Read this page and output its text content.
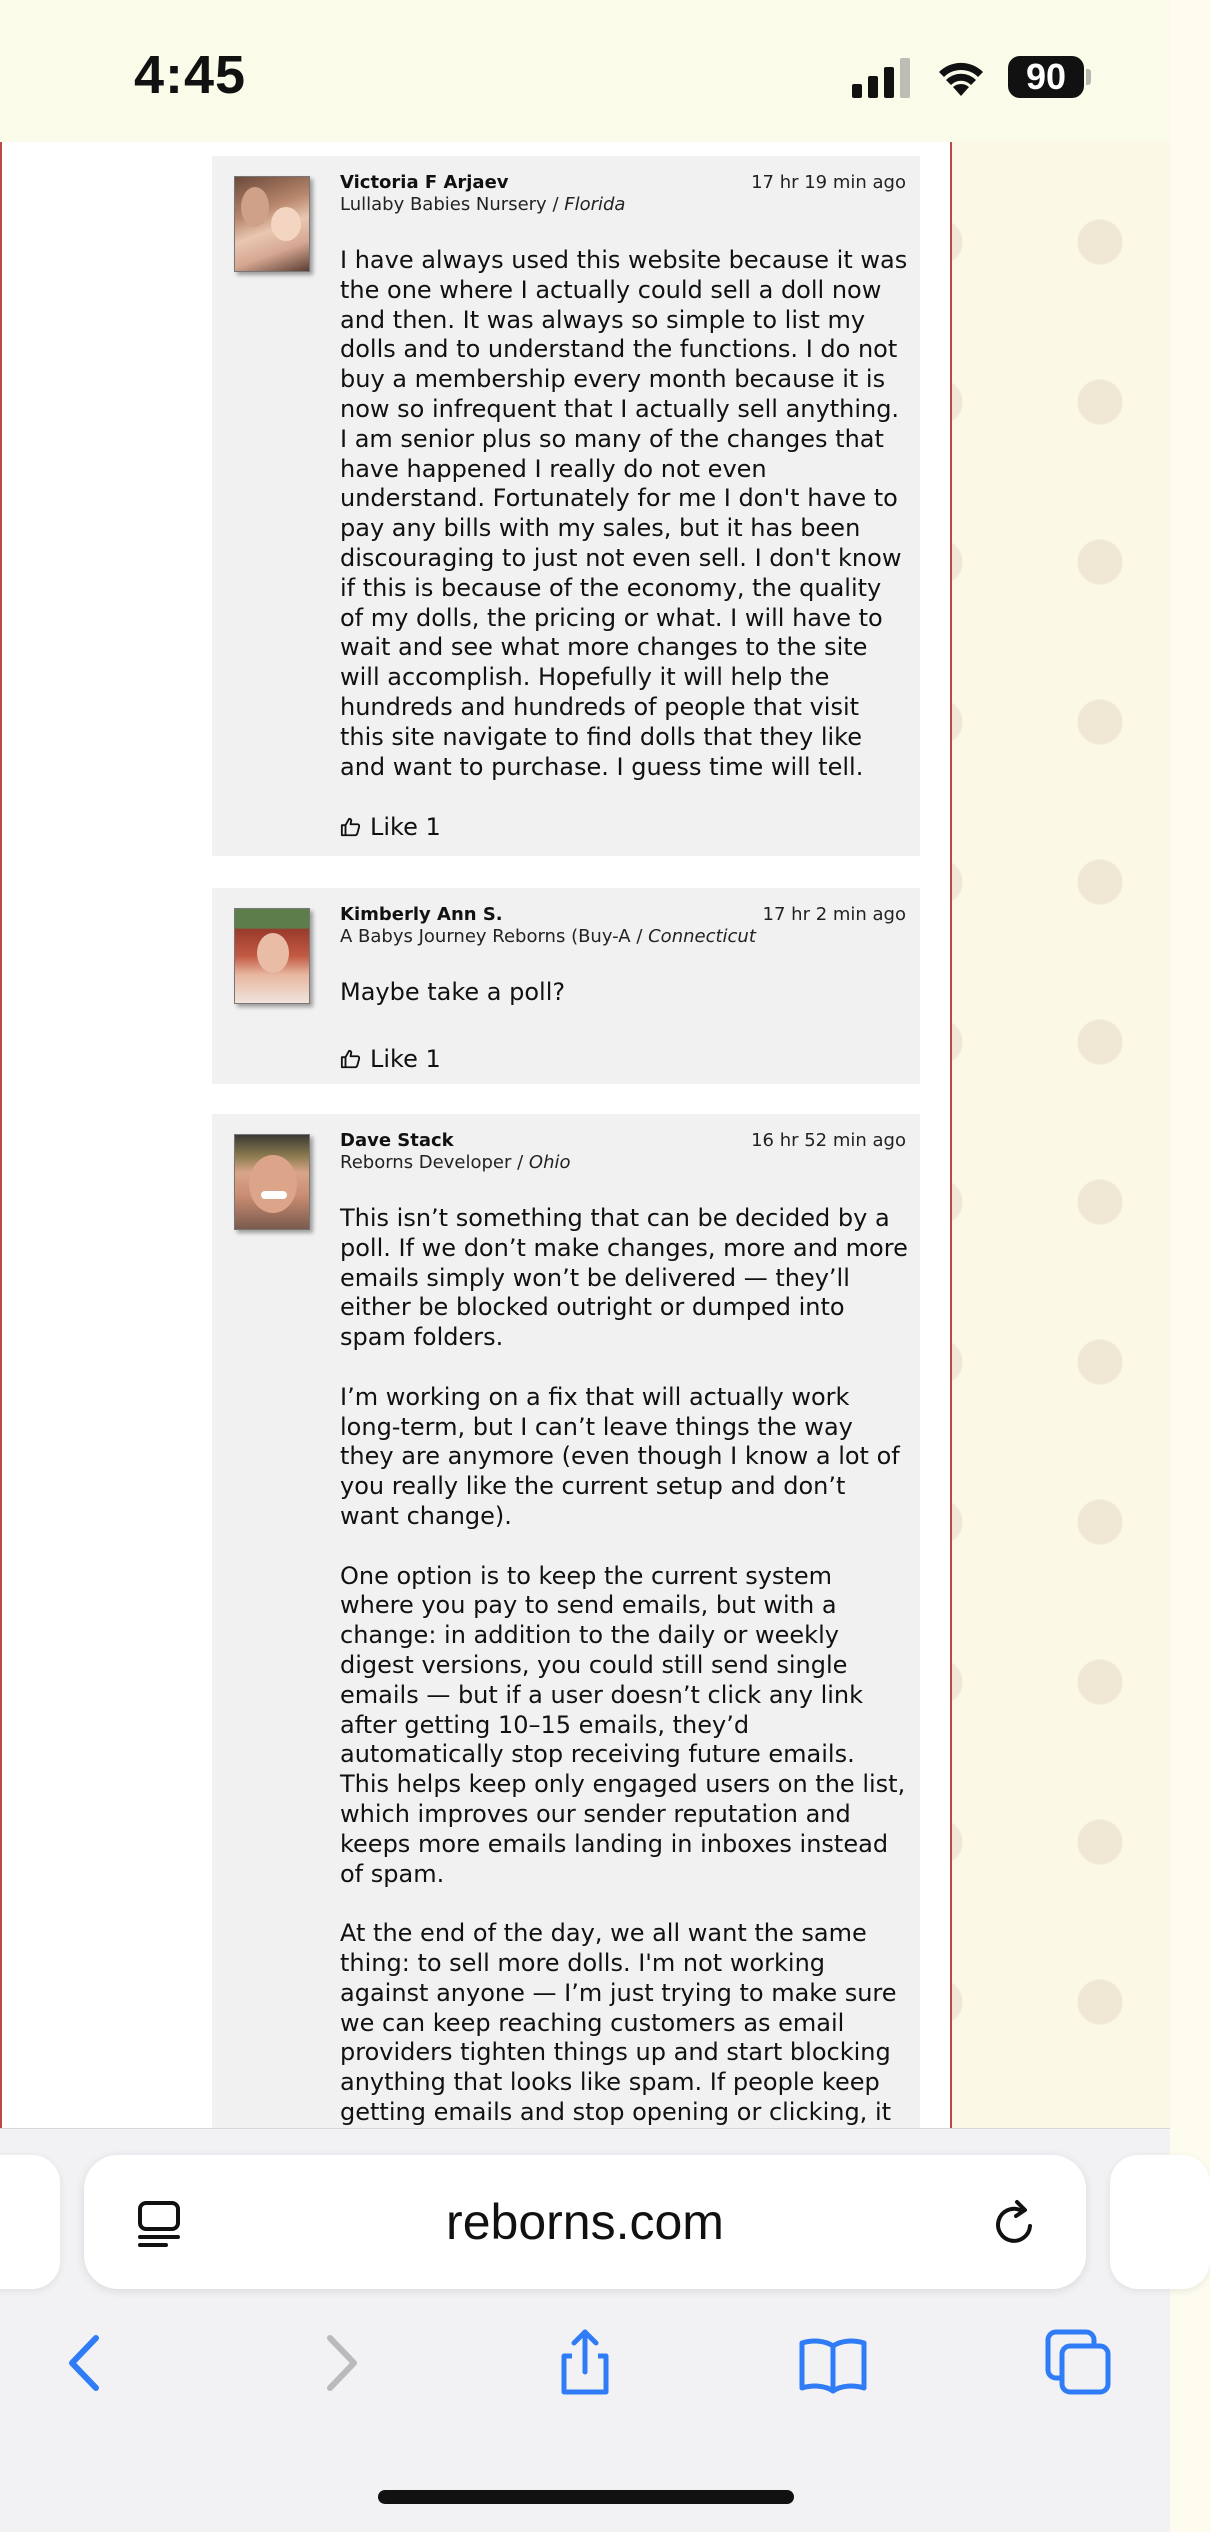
4:45	90
Victoria F Arjaev
Lullaby Babies Nursery / Florida
17 hr 19 min ago
I have always used this website because it was the one where I actually could sell a doll now and then. It was always so simple to list my dolls and to understand the functions. I do not buy a membership every month because it is now so infrequent that I actually sell anything. I am senior plus so many of the changes that have happened I really do not even understand. Fortunately for me I don't have to pay any bills with my sales, but it has been discouraging to just not even sell. I don't know if this is because of the economy, the quality of my dolls, the pricing or what. I will have to wait and see what more changes to the site will accomplish. Hopefully it will help the hundreds and hundreds of people that visit this site navigate to find dolls that they like and want to purchase. I guess time will tell.
Like 1
Kimberly Ann S.
A Babys Journey Reborns (Buy-A / Connecticut
17 hr 2 min ago
Maybe take a poll?
Like 1
Dave Stack
Reborns Developer / Ohio
16 hr 52 min ago
This isn’t something that can be decided by a poll. If we don’t make changes, more and more emails simply won’t be delivered — they’ll either be blocked outright or dumped into spam folders.

I’m working on a fix that will actually work long-term, but I can’t leave things the way they are anymore (even though I know a lot of you really like the current setup and don’t want change).

One option is to keep the current system where you pay to send emails, but with a change: in addition to the daily or weekly digest versions, you could still send single emails — but if a user doesn’t click any link after getting 10–15 emails, they’d automatically stop receiving future emails. This helps keep only engaged users on the list, which improves our sender reputation and keeps more emails landing in inboxes instead of spam.

At the end of the day, we all want the same thing: to sell more dolls. I'm not working against anyone — I’m just trying to make sure we can keep reaching customers as email providers tighten things up and start blocking anything that looks like spam. If people keep getting emails and stop opening or clicking, it
reborns.com
